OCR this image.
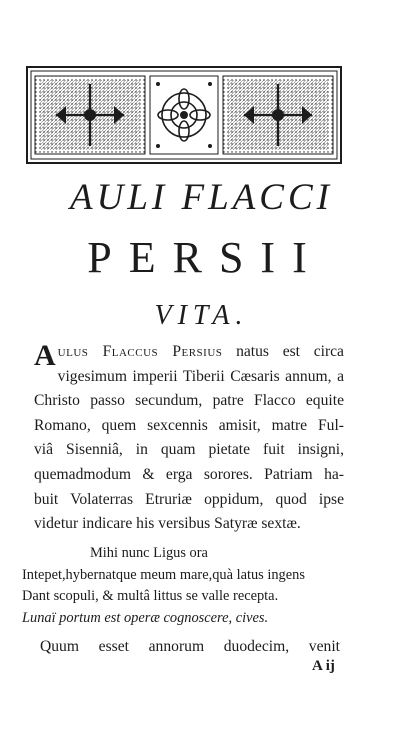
AULI FLACCI
PERSII
VITA.
A ulus Flaccus Persius natus est circa
vigesimum imperii Tiberii Cæsaris annum, a
Christo passo secundum, patre Flacco equite
Romano, quem sexcennis amisit, matre Ful-
viâ Sisenniâ, in quam pietate fuit insigni,
quemadmodum & erga sorores. Patriam ha-
buit Volaterras Etruriæ oppidum, quod ipse
videtur indicare his versibus Satyræ sextæ.
Mihi nunc Ligus ora
Intepet,hybernatque meum mare,quà latus ingens
Dant scopuli, & multâ littus se valle recepta.
Lunaï portum est operæ cognoscere, cives.
Quum esset annorum duodecim, venit
A ij
